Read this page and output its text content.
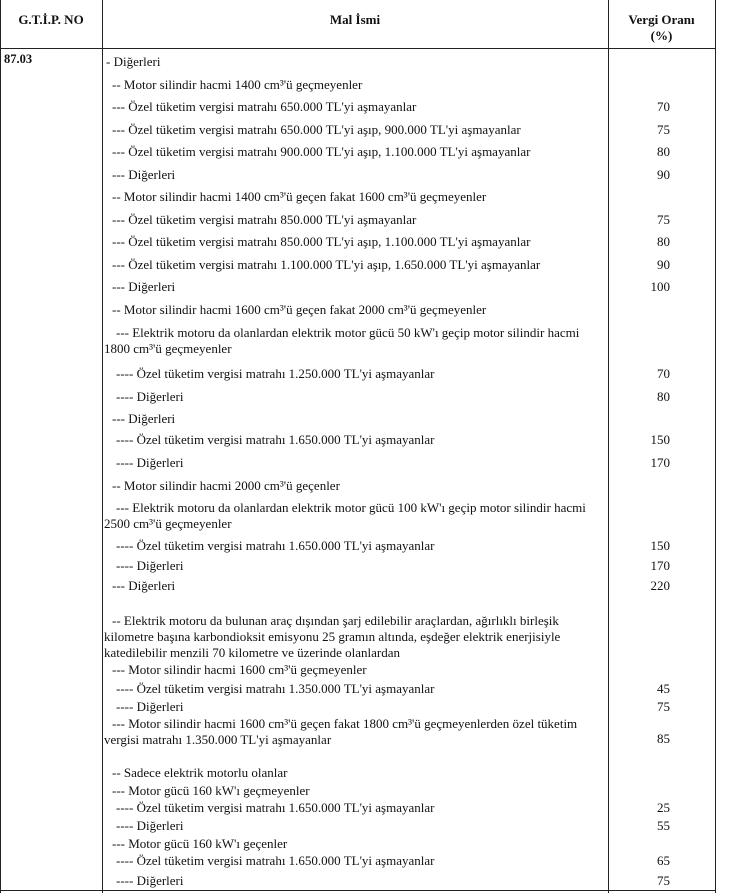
G.T.İ.P. NO	Mal İsmi	Vergi Oranı
(%)
87.03	- Diğerleri
-- Motor silindir hacmi 1400 cm³'ü geçmeyenler
--- Özel tüketim vergisi matrahı 650.000 TL'yi aşmayanlar	70
--- Özel tüketim vergisi matrahı 650.000 TL'yi aşıp, 900.000 TL'yi aşmayanlar	75
--- Özel tüketim vergisi matrahı 900.000 TL'yi aşıp, 1.100.000 TL'yi aşmayanlar	80
--- Diğerleri	90
-- Motor silindir hacmi 1400 cm³'ü geçen fakat 1600 cm³'ü geçmeyenler
--- Özel tüketim vergisi matrahı 850.000 TL'yi aşmayanlar	75
--- Özel tüketim vergisi matrahı 850.000 TL'yi aşıp, 1.100.000 TL'yi aşmayanlar	80
--- Özel tüketim vergisi matrahı 1.100.000 TL'yi aşıp, 1.650.000 TL'yi aşmayanlar	90
--- Diğerleri	100
-- Motor silindir hacmi 1600 cm³'ü geçen fakat 2000 cm³'ü geçmeyenler
--- Elektrik motoru da olanlardan elektrik motor gücü 50 kW'ı geçip motor silindir hacmi 1800 cm³'ü geçmeyenler
---- Özel tüketim vergisi matrahı 1.250.000 TL'yi aşmayanlar	70
---- Diğerleri	80
--- Diğerleri
---- Özel tüketim vergisi matrahı 1.650.000 TL'yi aşmayanlar	150
---- Diğerleri	170
-- Motor silindir hacmi 2000 cm³'ü geçenler
--- Elektrik motoru da olanlardan elektrik motor gücü 100 kW'ı geçip motor silindir hacmi 2500 cm³'ü geçmeyenler
---- Özel tüketim vergisi matrahı 1.650.000 TL'yi aşmayanlar	150
---- Diğerleri	170
--- Diğerleri	220
-- Elektrik motoru da bulunan araç dışından şarj edilebilir araçlardan, ağırlıklı birleşik kilometre başına karbondioksit emisyonu 25 gramın altında, eşdeğer elektrik enerjisiyle katedilebilir menzili 70 kilometre ve üzerinde olanlardan
--- Motor silindir hacmi 1600 cm³'ü geçmeyenler
---- Özel tüketim vergisi matrahı 1.350.000 TL'yi aşmayanlar	45
---- Diğerleri	75
--- Motor silindir hacmi 1600 cm³'ü geçen fakat 1800 cm³'ü geçmeyenlerden özel tüketim vergisi matrahı 1.350.000 TL'yi aşmayanlar	85
-- Sadece elektrik motorlu olanlar
--- Motor gücü 160 kW'ı geçmeyenler
---- Özel tüketim vergisi matrahı 1.650.000 TL'yi aşmayanlar	25
---- Diğerleri	55
--- Motor gücü 160 kW'ı geçenler
---- Özel tüketim vergisi matrahı 1.650.000 TL'yi aşmayanlar	65
---- Diğerleri	75
